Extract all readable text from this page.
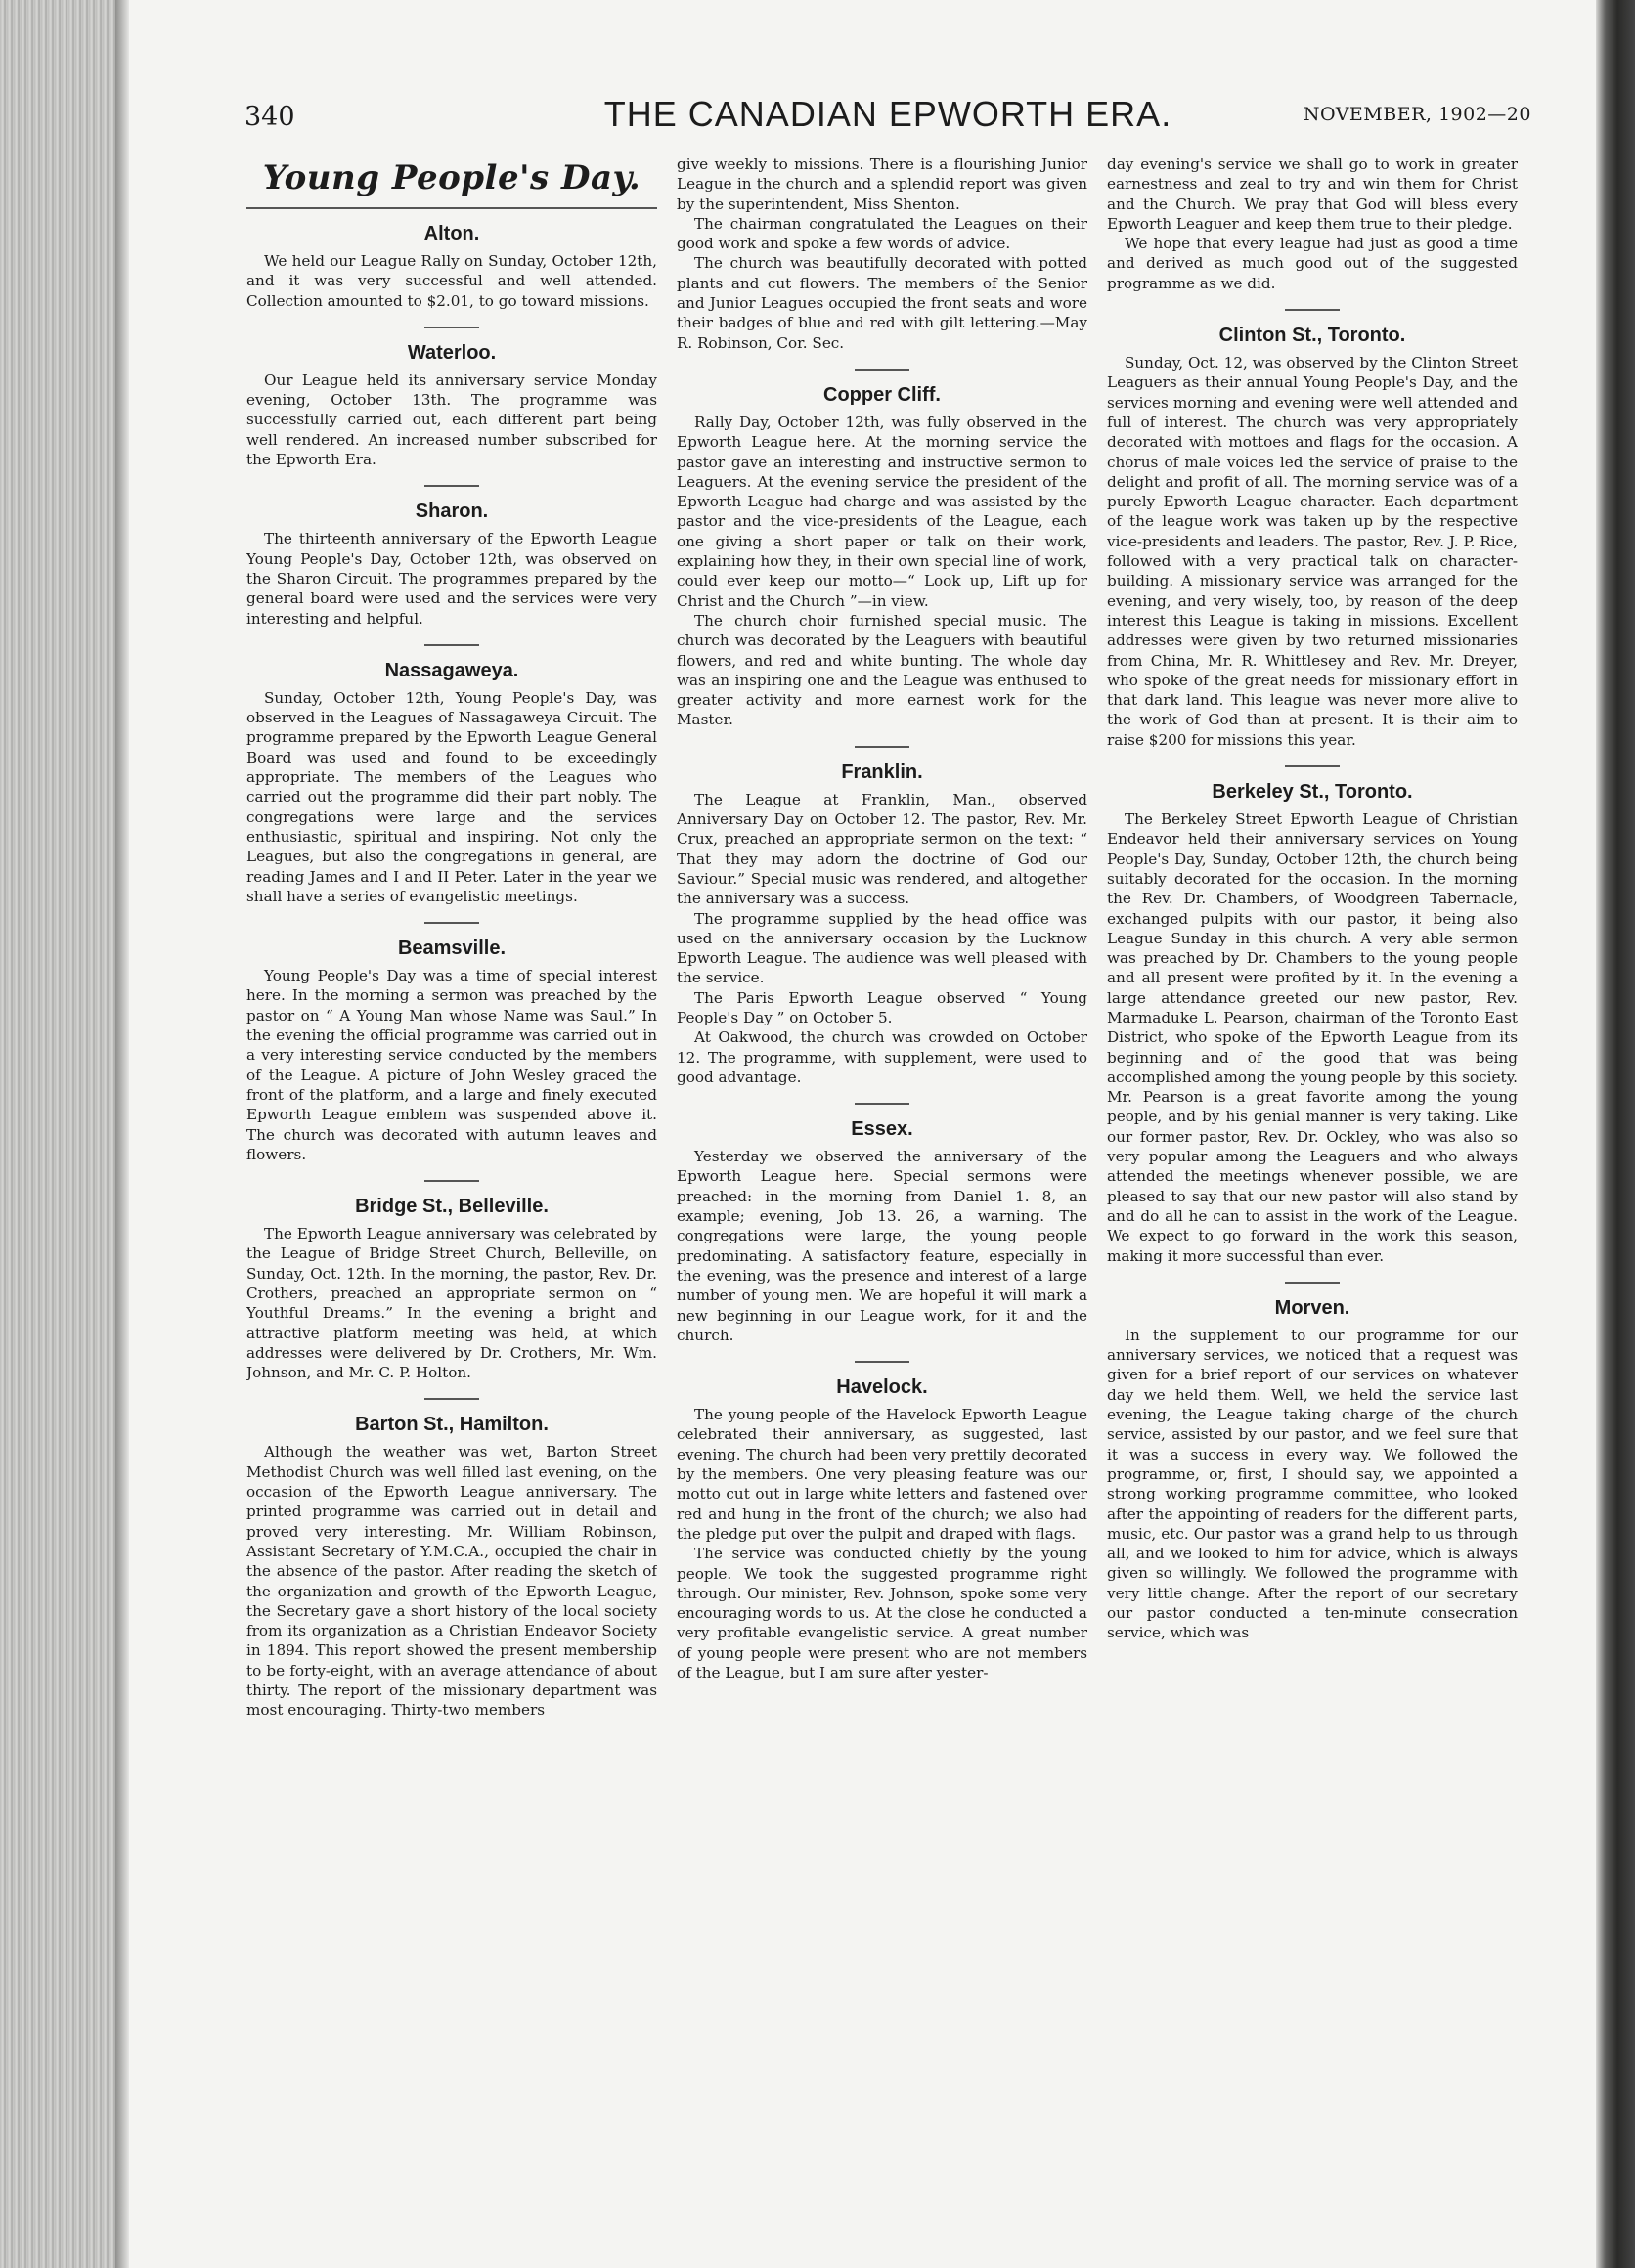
340	THE CANADIAN EPWORTH ERA.	NOVEMBER, 1902—20
Young People's Day.
Alton.

We held our League Rally on Sunday, October 12th, and it was very successful and well attended. Collection amounted to $2.01, to go toward missions.

Waterloo.

Our League held its anniversary service Monday evening, October 13th. The programme was successfully carried out, each different part being well rendered. An increased number subscribed for the Epworth Era.

Sharon.

The thirteenth anniversary of the Epworth League Young People's Day, October 12th, was observed on the Sharon Circuit. The programmes prepared by the general board were used and the services were very interesting and helpful.

Nassagaweya.

Sunday, October 12th, Young People's Day, was observed in the Leagues of Nassagaweya Circuit. The programme prepared by the Epworth League General Board was used and found to be exceedingly appropriate. The members of the Leagues who carried out the programme did their part nobly. The congregations were large and the services enthusiastic, spiritual and inspiring. Not only the Leagues, but also the congregations in general, are reading James and I and II Peter. Later in the year we shall have a series of evangelistic meetings.

Beamsville.

Young People's Day was a time of special interest here. In the morning a sermon was preached by the pastor on “ A Young Man whose Name was Saul.” In the evening the official programme was carried out in a very interesting service conducted by the members of the League. A picture of John Wesley graced the front of the platform, and a large and finely executed Epworth League emblem was suspended above it. The church was decorated with autumn leaves and flowers.

Bridge St., Belleville.

The Epworth League anniversary was celebrated by the League of Bridge Street Church, Belleville, on Sunday, Oct. 12th. In the morning, the pastor, Rev. Dr. Crothers, preached an appropriate sermon on “ Youthful Dreams.” In the evening a bright and attractive platform meeting was held, at which addresses were delivered by Dr. Crothers, Mr. Wm. Johnson, and Mr. C. P. Holton.

Barton St., Hamilton.

Although the weather was wet, Barton Street Methodist Church was well filled last evening, on the occasion of the Epworth League anniversary. The printed programme was carried out in detail and proved very interesting. Mr. William Robinson, Assistant Secretary of Y.M.C.A., occupied the chair in the absence of the pastor. After reading the sketch of the organization and growth of the Epworth League, the Secretary gave a short history of the local society from its organization as a Christian Endeavor Society in 1894. This report showed the present membership to be forty-eight, with an average attendance of about thirty. The report of the missionary department was most encouraging. Thirty-two members

give weekly to missions. There is a flourishing Junior League in the church and a splendid report was given by the superintendent, Miss Shenton.

The chairman congratulated the Leagues on their good work and spoke a few words of advice.

The church was beautifully decorated with potted plants and cut flowers. The members of the Senior and Junior Leagues occupied the front seats and wore their badges of blue and red with gilt lettering.—May R. Robinson, Cor. Sec.

Copper Cliff.

Rally Day, October 12th, was fully observed in the Epworth League here. At the morning service the pastor gave an interesting and instructive sermon to Leaguers. At the evening service the president of the Epworth League had charge and was assisted by the pastor and the vice-presidents of the League, each one giving a short paper or talk on their work, explaining how they, in their own special line of work, could ever keep our motto—“ Look up, Lift up for Christ and the Church ”—in view.

The church choir furnished special music. The church was decorated by the Leaguers with beautiful flowers, and red and white bunting. The whole day was an inspiring one and the League was enthused to greater activity and more earnest work for the Master.

Franklin.

The League at Franklin, Man., observed Anniversary Day on October 12. The pastor, Rev. Mr. Crux, preached an appropriate sermon on the text: “ That they may adorn the doctrine of God our Saviour.” Special music was rendered, and altogether the anniversary was a success.

The programme supplied by the head office was used on the anniversary occasion by the Lucknow Epworth League. The audience was well pleased with the service.

The Paris Epworth League observed “ Young People's Day ” on October 5.

At Oakwood, the church was crowded on October 12. The programme, with supplement, were used to good advantage.

Essex.

Yesterday we observed the anniversary of the Epworth League here. Special sermons were preached: in the morning from Daniel 1. 8, an example; evening, Job 13. 26, a warning. The congregations were large, the young people predominating. A satisfactory feature, especially in the evening, was the presence and interest of a large number of young men. We are hopeful it will mark a new beginning in our League work, for it and the church.

Havelock.

The young people of the Havelock Epworth League celebrated their anniversary, as suggested, last evening. The church had been very prettily decorated by the members. One very pleasing feature was our motto cut out in large white letters and fastened over red and hung in the front of the church; we also had the pledge put over the pulpit and draped with flags.

The service was conducted chiefly by the young people. We took the suggested programme right through. Our minister, Rev. Johnson, spoke some very encouraging words to us. At the close he conducted a very profitable evangelistic service. A great number of young people were present who are not members of the League, but I am sure after yester-

day evening's service we shall go to work in greater earnestness and zeal to try and win them for Christ and the Church. We pray that God will bless every Epworth Leaguer and keep them true to their pledge.

We hope that every league had just as good a time and derived as much good out of the suggested programme as we did.

Clinton St., Toronto.

Sunday, Oct. 12, was observed by the Clinton Street Leaguers as their annual Young People's Day, and the services morning and evening were well attended and full of interest. The church was very appropriately decorated with mottoes and flags for the occasion. A chorus of male voices led the service of praise to the delight and profit of all. The morning service was of a purely Epworth League character. Each department of the league work was taken up by the respective vice-presidents and leaders. The pastor, Rev. J. P. Rice, followed with a very practical talk on character-building. A missionary service was arranged for the evening, and very wisely, too, by reason of the deep interest this League is taking in missions. Excellent addresses were given by two returned missionaries from China, Mr. R. Whittlesey and Rev. Mr. Dreyer, who spoke of the great needs for missionary effort in that dark land. This league was never more alive to the work of God than at present. It is their aim to raise $200 for missions this year.

Berkeley St., Toronto.

The Berkeley Street Epworth League of Christian Endeavor held their anniversary services on Young People's Day, Sunday, October 12th, the church being suitably decorated for the occasion. In the morning the Rev. Dr. Chambers, of Woodgreen Tabernacle, exchanged pulpits with our pastor, it being also League Sunday in this church. A very able sermon was preached by Dr. Chambers to the young people and all present were profited by it. In the evening a large attendance greeted our new pastor, Rev. Marmaduke L. Pearson, chairman of the Toronto East District, who spoke of the Epworth League from its beginning and of the good that was being accomplished among the young people by this society. Mr. Pearson is a great favorite among the young people, and by his genial manner is very taking. Like our former pastor, Rev. Dr. Ockley, who was also so very popular among the Leaguers and who always attended the meetings whenever possible, we are pleased to say that our new pastor will also stand by and do all he can to assist in the work of the League. We expect to go forward in the work this season, making it more successful than ever.

Morven.

In the supplement to our programme for our anniversary services, we noticed that a request was given for a brief report of our services on whatever day we held them. Well, we held the service last evening, the League taking charge of the church service, assisted by our pastor, and we feel sure that it was a success in every way. We followed the programme, or, first, I should say, we appointed a strong working programme committee, who looked after the appointing of readers for the different parts, music, etc. Our pastor was a grand help to us through all, and we looked to him for advice, which is always given so willingly. We followed the programme with very little change. After the report of our secretary our pastor conducted a ten-minute consecration service, which was
